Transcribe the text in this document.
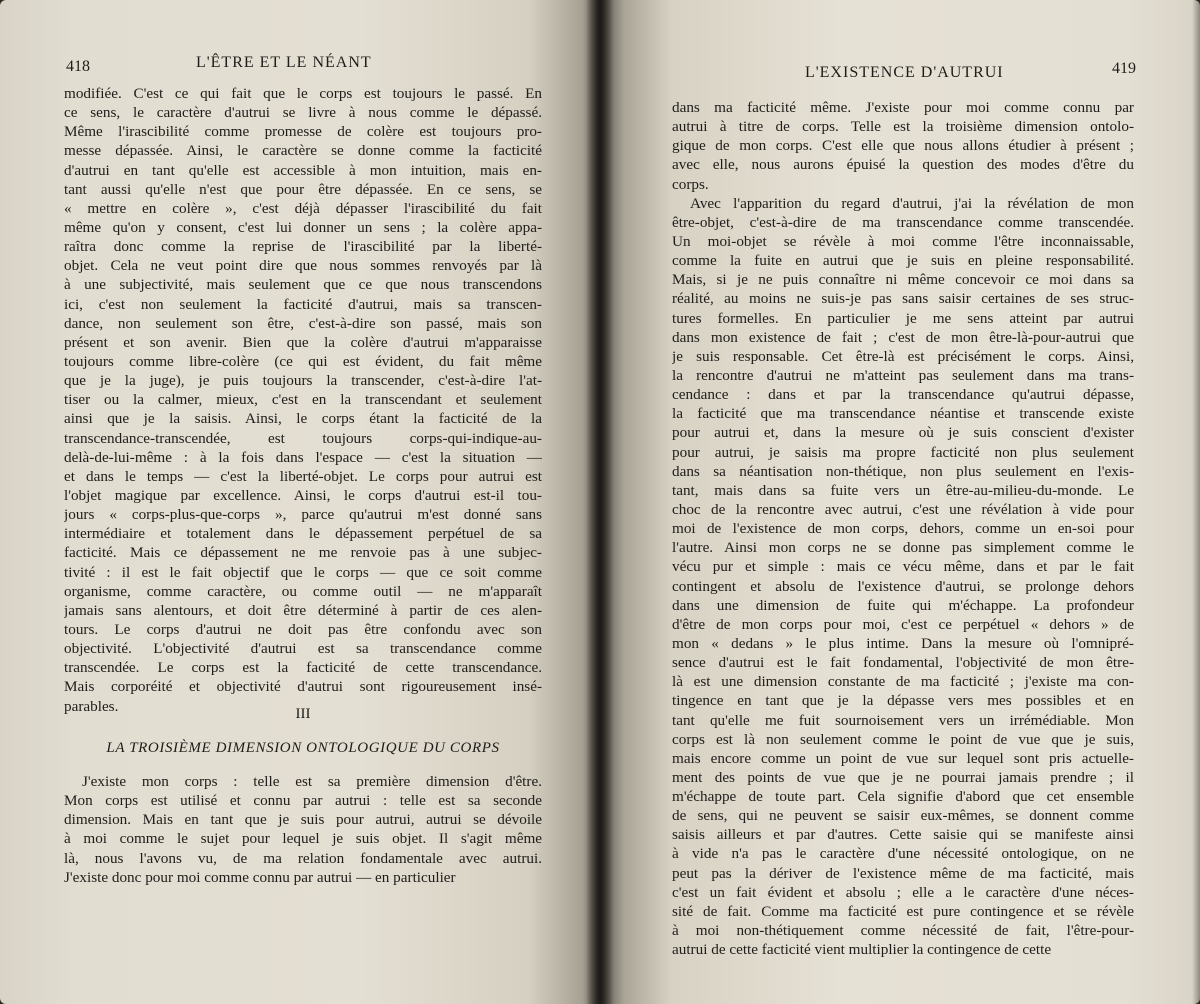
418	L'ÊTRE ET LE NÉANT
modifiée. C'est ce qui fait que le corps est toujours le passé. En
ce sens, le caractère d'autrui se livre à nous comme le dépassé.
Même l'irascibilité comme promesse de colère est toujours pro-
messe dépassée. Ainsi, le caractère se donne comme la facticité
d'autrui en tant qu'elle est accessible à mon intuition, mais en-
tant aussi qu'elle n'est que pour être dépassée. En ce sens, se
« mettre en colère », c'est déjà dépasser l'irascibilité du fait
même qu'on y consent, c'est lui donner un sens ; la colère appa-
raîtra donc comme la reprise de l'irascibilité par la liberté-
objet. Cela ne veut point dire que nous sommes renvoyés par là
à une subjectivité, mais seulement que ce que nous transcendons
ici, c'est non seulement la facticité d'autrui, mais sa transcen-
dance, non seulement son être, c'est-à-dire son passé, mais son
présent et son avenir. Bien que la colère d'autrui m'apparaisse
toujours comme libre-colère (ce qui est évident, du fait même
que je la juge), je puis toujours la transcender, c'est-à-dire l'at-
tiser ou la calmer, mieux, c'est en la transcendant et seulement
ainsi que je la saisis. Ainsi, le corps étant la facticité de la
transcendance-transcendée, est toujours corps-qui-indique-au-
delà-de-lui-même : à la fois dans l'espace — c'est la situation —
et dans le temps — c'est la liberté-objet. Le corps pour autrui est
l'objet magique par excellence. Ainsi, le corps d'autrui est-il tou-
jours « corps-plus-que-corps », parce qu'autrui m'est donné sans
intermédiaire et totalement dans le dépassement perpétuel de sa
facticité. Mais ce dépassement ne me renvoie pas à une subjec-
tivité : il est le fait objectif que le corps — que ce soit comme
organisme, comme caractère, ou comme outil — ne m'apparaît
jamais sans alentours, et doit être déterminé à partir de ces alen-
tours. Le corps d'autrui ne doit pas être confondu avec son
objectivité. L'objectivité d'autrui est sa transcendance comme
transcendée. Le corps est la facticité de cette transcendance.
Mais corporéité et objectivité d'autrui sont rigoureusement insé-
parables.	III
LA TROISIÈME DIMENSION ONTOLOGIQUE DU CORPS
J'existe mon corps : telle est sa première dimension d'être.
Mon corps est utilisé et connu par autrui : telle est sa seconde
dimension. Mais en tant que je suis pour autrui, autrui se dévoile
à moi comme le sujet pour lequel je suis objet. Il s'agit même
là, nous l'avons vu, de ma relation fondamentale avec autrui.
J'existe donc pour moi comme connu par autrui — en particulier
L'EXISTENCE D'AUTRUI	419
dans ma facticité même. J'existe pour moi comme connu par
autrui à titre de corps. Telle est la troisième dimension ontolo-
gique de mon corps. C'est elle que nous allons étudier à présent ;
avec elle, nous aurons épuisé la question des modes d'être du
corps.
Avec l'apparition du regard d'autrui, j'ai la révélation de mon
être-objet, c'est-à-dire de ma transcendance comme transcendée.
Un moi-objet se révèle à moi comme l'être inconnaissable,
comme la fuite en autrui que je suis en pleine responsabilité.
Mais, si je ne puis connaître ni même concevoir ce moi dans sa
réalité, au moins ne suis-je pas sans saisir certaines de ses struc-
tures formelles. En particulier je me sens atteint par autrui
dans mon existence de fait ; c'est de mon être-là-pour-autrui que
je suis responsable. Cet être-là est précisément le corps. Ainsi,
la rencontre d'autrui ne m'atteint pas seulement dans ma trans-
cendance : dans et par la transcendance qu'autrui dépasse,
la facticité que ma transcendance néantise et transcende existe
pour autrui et, dans la mesure où je suis conscient d'exister
pour autrui, je saisis ma propre facticité non plus seulement
dans sa néantisation non-thétique, non plus seulement en l'exis-
tant, mais dans sa fuite vers un être-au-milieu-du-monde. Le
choc de la rencontre avec autrui, c'est une révélation à vide pour
moi de l'existence de mon corps, dehors, comme un en-soi pour
l'autre. Ainsi mon corps ne se donne pas simplement comme le
vécu pur et simple : mais ce vécu même, dans et par le fait
contingent et absolu de l'existence d'autrui, se prolonge dehors
dans une dimension de fuite qui m'échappe. La profondeur
d'être de mon corps pour moi, c'est ce perpétuel « dehors » de
mon « dedans » le plus intime. Dans la mesure où l'omnipré-
sence d'autrui est le fait fondamental, l'objectivité de mon être-
là est une dimension constante de ma facticité ; j'existe ma con-
tingence en tant que je la dépasse vers mes possibles et en
tant qu'elle me fuit sournoisement vers un irrémédiable. Mon
corps est là non seulement comme le point de vue que je suis,
mais encore comme un point de vue sur lequel sont pris actuelle-
ment des points de vue que je ne pourrai jamais prendre ; il
m'échappe de toute part. Cela signifie d'abord que cet ensemble
de sens, qui ne peuvent se saisir eux-mêmes, se donnent comme
saisis ailleurs et par d'autres. Cette saisie qui se manifeste ainsi
à vide n'a pas le caractère d'une nécessité ontologique, on ne
peut pas la dériver de l'existence même de ma facticité, mais
c'est un fait évident et absolu ; elle a le caractère d'une néces-
sité de fait. Comme ma facticité est pure contingence et se révèle
à moi non-thétiquement comme nécessité de fait, l'être-pour-
autrui de cette facticité vient multiplier la contingence de cette
